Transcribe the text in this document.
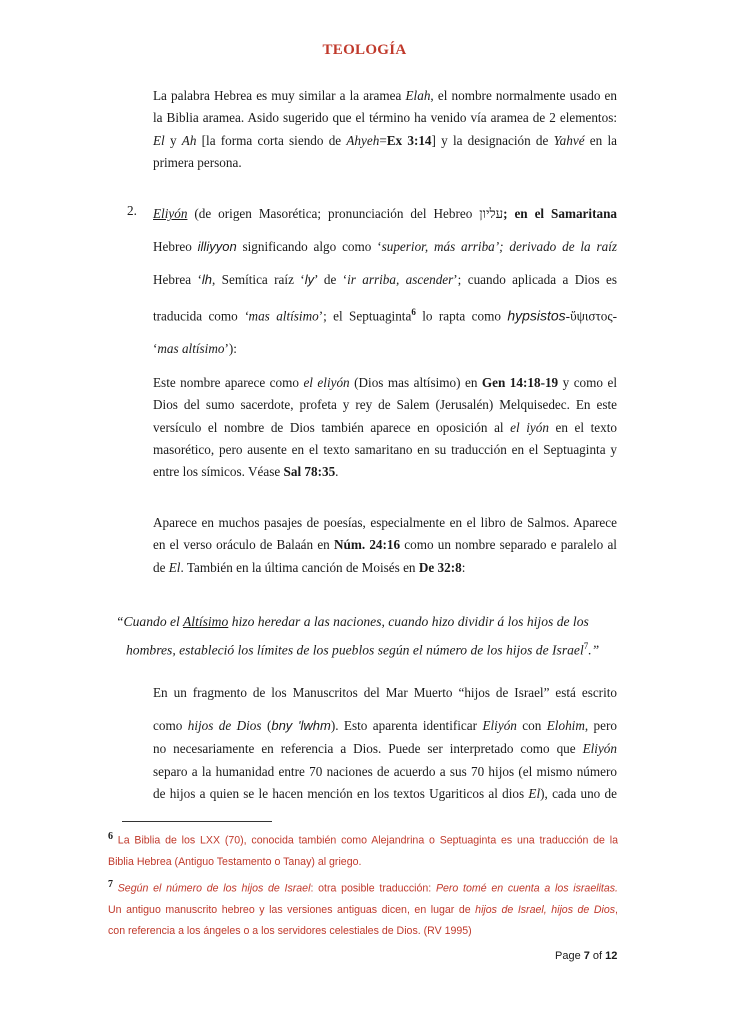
TEOLOGÍA
La palabra Hebrea es muy similar a la aramea Elah, el nombre normalmente usado en
la Biblia aramea. Asido sugerido que el término ha venido vía aramea de 2 elementos:
El y Ah [la forma corta siendo de Ahyeh=Ex 3:14] y la designación de Yahvé en la
primera persona.
2. Eliyón (de origen Masorética; pronunciación del Hebreo עליון; en el Samaritana
Hebreo illiyyon significando algo como ‘superior, más arriba’; derivado de la raíz
Hebrea ‘lh, Semítica raíz ‘ly’ de ‘ir arriba, ascender’; cuando aplicada a Dios es
traducida como ‘mas altísimo’; el Septuaginta$^6$ lo rapta como hypsistos-ὕψιστος-
‘mas altísimo’):
Este nombre aparece como el eliyón (Dios mas altísimo) en Gen 14:18-19 y como el
Dios del sumo sacerdote, profeta y rey de Salem (Jerusalén) Melquisedec. En este
versículo el nombre de Dios también aparece en oposición al el iyón en el texto
masorético, pero ausente en el texto samaritano en su traducción en el Septuaginta y
entre los símicos. Véase Sal 78:35.
Aparece en muchos pasajes de poesías, especialmente en el libro de Salmos. Aparece
en el verso oráculo de Balaán en Núm. 24:16 como un nombre separado e paralelo al
de El. También en la última canción de Moisés en De 32:8:
“Cuando el Altísimo hizo heredar a las naciones, cuando hizo dividir á los hijos de los
hombres, estableció los límites de los pueblos según el número de los hijos de Israel$^7$.”
En un fragmento de los Manuscritos del Mar Muerto “hijos de Israel” está escrito
como hijos de Dios (bny 'lwhm). Esto aparenta identificar Eliyón con Elohim, pero
no necesariamente en referencia a Dios. Puede ser interpretado como que Eliyón
separo a la humanidad entre 70 naciones de acuerdo a sus 70 hijos (el mismo número
de hijos a quien se le hacen mención en los textos Ugariticos al dios El), cada uno de
$^6$ La Biblia de los LXX (70), conocida también como Alejandrina o Septuaginta es una traducción de la
Biblia Hebrea (Antiguo Testamento o Tanay) al griego.
$^7$ Según el número de los hijos de Israel: otra posible traducción: Pero tomé en cuenta a los israelitas.
Un antiguo manuscrito hebreo y las versiones antiguas dicen, en lugar de hijos de Israel, hijos de Dios,
con referencia a los ángeles o a los servidores celestiales de Dios. (RV 1995)
Page 7 of 12
